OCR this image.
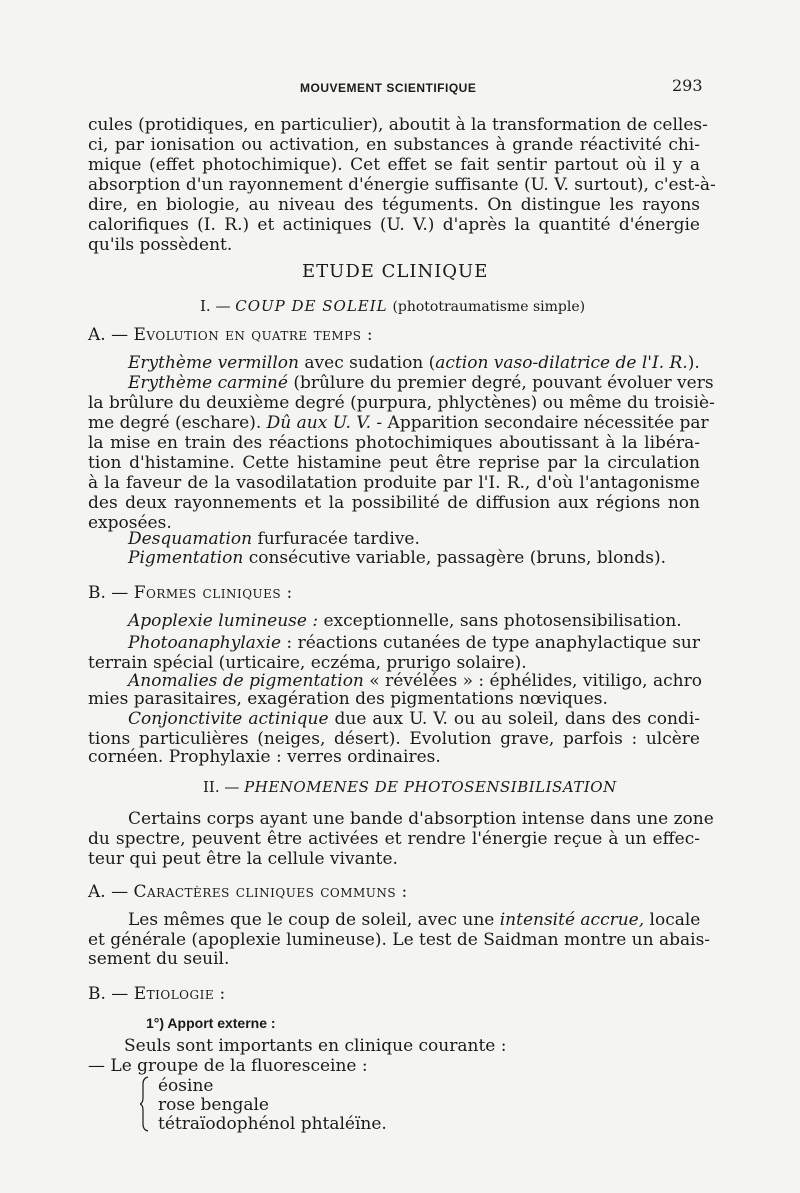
MOUVEMENT SCIENTIFIQUE	293
cules (protidiques, en particulier), aboutit à la transformation de celles-
ci, par ionisation ou activation, en substances à grande réactivité chi-
mique (effet photochimique). Cet effet se fait sentir partout où il y a
absorption d'un rayonnement d'énergie suffisante (U. V. surtout), c'est-à-
dire, en biologie, au niveau des téguments. On distingue les rayons
calorifiques (I. R.) et actiniques (U. V.) d'après la quantité d'énergie
qu'ils possèdent.
ETUDE CLINIQUE
I. — COUP DE SOLEIL (phototraumatisme simple)
A. — Evolution en quatre temps :
Erythème vermillon avec sudation (action vaso-dilatrice de l'I. R.).
Erythème carminé (brûlure du premier degré, pouvant évoluer vers
la brûlure du deuxième degré (purpura, phlyctènes) ou même du troisiè-
me degré (eschare). Dû aux U. V. - Apparition secondaire nécessitée par
la mise en train des réactions photochimiques aboutissant à la libéra-
tion d'histamine. Cette histamine peut être reprise par la circulation
à la faveur de la vasodilatation produite par l'I. R., d'où l'antagonisme
des deux rayonnements et la possibilité de diffusion aux régions non
exposées.
Desquamation furfuracée tardive.
Pigmentation consécutive variable, passagère (bruns, blonds).
B. — Formes cliniques :
Apoplexie lumineuse : exceptionnelle, sans photosensibilisation.
Photoanaphylaxie : réactions cutanées de type anaphylactique sur
terrain spécial (urticaire, eczéma, prurigo solaire).
Anomalies de pigmentation « révélées » : éphélides, vitiligo, achro
mies parasitaires, exagération des pigmentations nœviques.
Conjonctivite actinique due aux U. V. ou au soleil, dans des condi-
tions particulières (neiges, désert). Evolution grave, parfois : ulcère
cornéen. Prophylaxie : verres ordinaires.
II. — PHENOMENES DE PHOTOSENSIBILISATION
Certains corps ayant une bande d'absorption intense dans une zone
du spectre, peuvent être activées et rendre l'énergie reçue à un effec-
teur qui peut être la cellule vivante.
A. — Caractères cliniques communs :
Les mêmes que le coup de soleil, avec une intensité accrue, locale
et générale (apoplexie lumineuse). Le test de Saidman montre un abais-
sement du seuil.
B. — Etiologie :
1°) Apport externe :
Seuls sont importants en clinique courante :
— Le groupe de la fluoresceine :
éosine
rose bengale
tétraïodophénol phtaléïne.
